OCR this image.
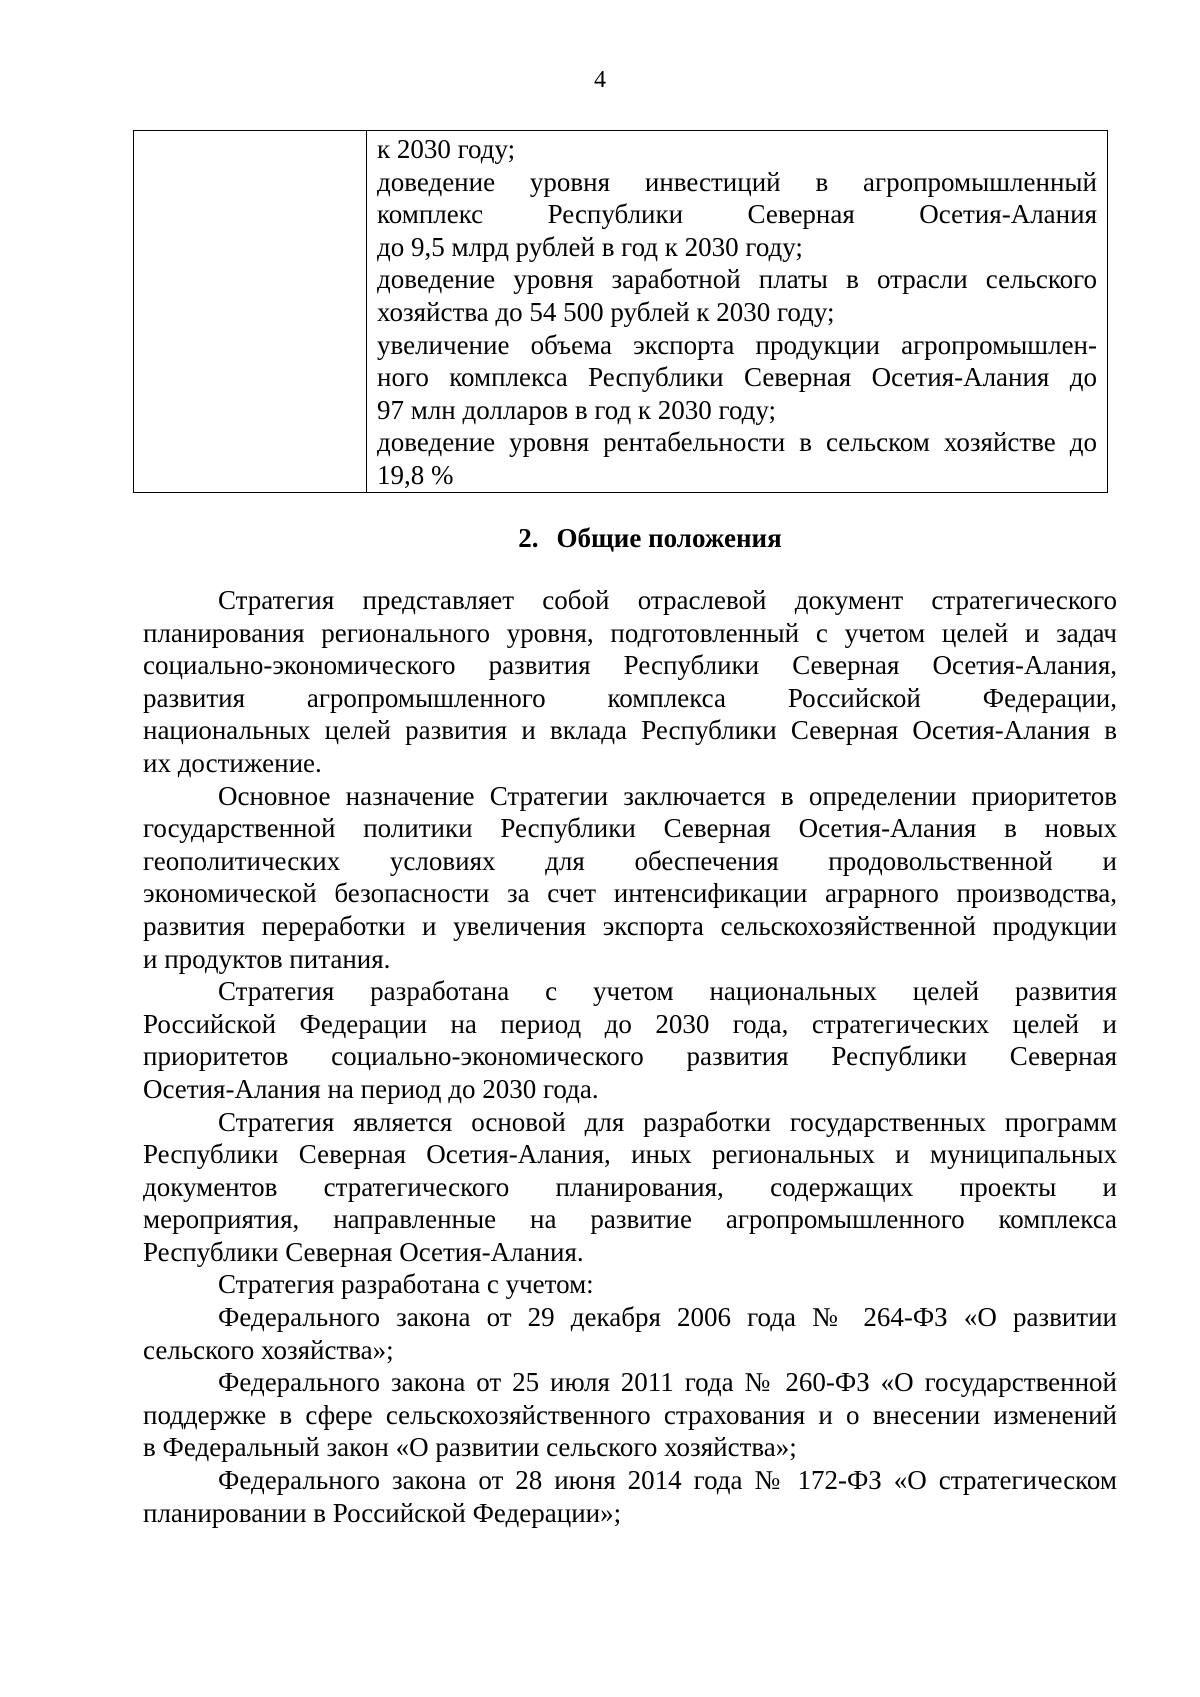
4

к 2030 году;

доведение уровня инвестиций в агропромышленный

комплекс Республики Северная Осетия-Алания

до 9,5 млрд рублей в год к 2030 году;

доведение уровня заработной платы в отрасли сельского

хозяйства до 54 500 рублей к 2030 году;

увеличение объема экспорта продукции агропромышлен-

ного комплекса Республики Северная Осетия-Алания до

97 млн долларов в год к 2030 году;

доведение уровня рентабельности в сельском хозяйстве до

19,8 %

2. Общие положения

Стратегия представляет собой отраслевой документ стратегического

планирования регионального уровня, подготовленный с учетом целей и задач

социально-экономического развития Республики Северная Осетия-Алания,

развития агропромышленного комплекса Российской Федерации,

национальных целей развития и вклада Республики Северная Осетия-Алания в

их достижение.

Основное назначение Стратегии заключается в определении приоритетов

государственной политики Республики Северная Осетия-Алания в новых

геополитических условиях для обеспечения продовольственной и

экономической безопасности за счет интенсификации аграрного производства,

развития переработки и увеличения экспорта сельскохозяйственной продукции

и продуктов питания.

Стратегия разработана с учетом национальных целей развития

Российской Федерации на период до 2030 года, стратегических целей и

приоритетов социально-экономического развития Республики Северная

Осетия-Алания на период до 2030 года.

Стратегия является основой для разработки государственных программ

Республики Северная Осетия-Алания, иных региональных и муниципальных

документов стратегического планирования, содержащих проекты и

мероприятия, направленные на развитие агропромышленного комплекса

Республики Северная Осетия-Алания.

Стратегия разработана с учетом:

Федерального закона от 29 декабря 2006 года № 264-ФЗ «О развитии

сельского хозяйства»;

Федерального закона от 25 июля 2011 года № 260-ФЗ «О государственной

поддержке в сфере сельскохозяйственного страхования и о внесении изменений

в Федеральный закон «О развитии сельского хозяйства»;

Федерального закона от 28 июня 2014 года № 172-ФЗ «О стратегическом

планировании в Российской Федерации»;
